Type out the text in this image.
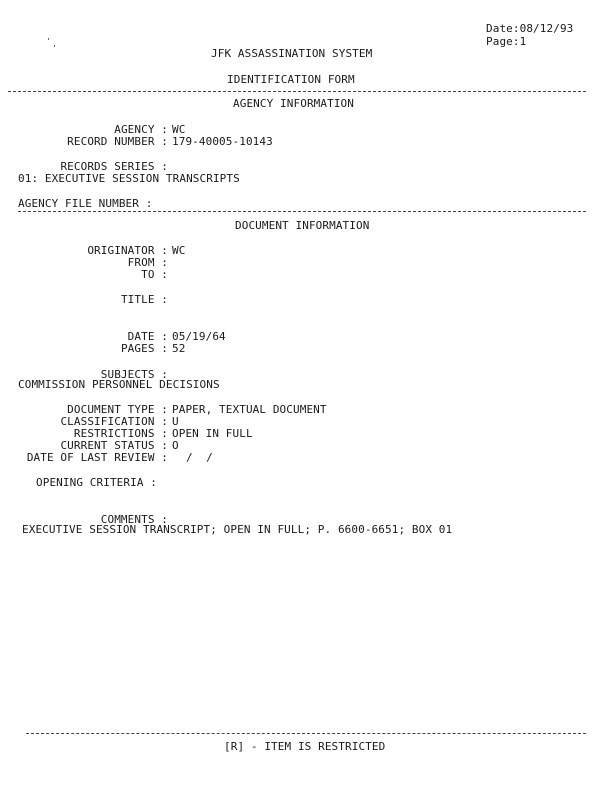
Date:08/12/93
Page:1
JFK ASSASSINATION SYSTEM
IDENTIFICATION FORM
AGENCY INFORMATION
AGENCY : WC
RECORD NUMBER : 179-40005-10143
RECORDS SERIES :
01: EXECUTIVE SESSION TRANSCRIPTS
AGENCY FILE NUMBER :
DOCUMENT INFORMATION
ORIGINATOR : WC
FROM :
TO :
TITLE :
DATE : 05/19/64
PAGES : 52
SUBJECTS :
COMMISSION PERSONNEL DECISIONS
DOCUMENT TYPE : PAPER, TEXTUAL DOCUMENT
CLASSIFICATION : U
RESTRICTIONS : OPEN IN FULL
CURRENT STATUS : O
DATE OF LAST REVIEW : /  /
OPENING CRITERIA :
COMMENTS :
EXECUTIVE SESSION TRANSCRIPT; OPEN IN FULL; P. 6600-6651; BOX 01
[R] - ITEM IS RESTRICTED
